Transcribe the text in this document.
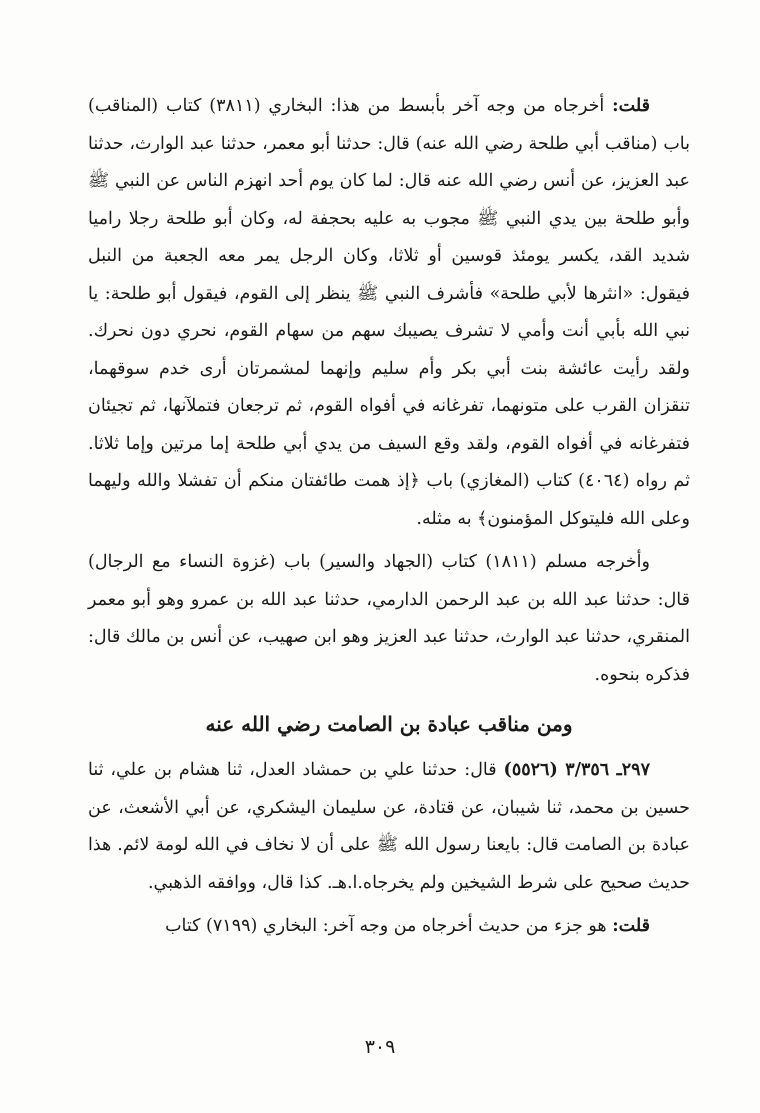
قلت: أخرجاه من وجه آخر بأبسط من هذا: البخاري (٣٨١١) كتاب (المناقب) باب (مناقب أبي طلحة رضي الله عنه) قال: حدثنا أبو معمر، حدثنا عبد الوارث، حدثنا عبد العزيز، عن أنس رضي الله عنه قال: لما كان يوم أحد انهزم الناس عن النبي ﷺ وأبو طلحة بين يدي النبي ﷺ مجوب به عليه بحجفة له، وكان أبو طلحة رجلا راميا شديد القد، يكسر يومئذ قوسين أو ثلاثا، وكان الرجل يمر معه الجعبة من النبل فيقول: «انثرها لأبي طلحة» فأشرف النبي ﷺ ينظر إلى القوم، فيقول أبو طلحة: يا نبي الله بأبي أنت وأمي لا تشرف يصيبك سهم من سهام القوم، نحري دون نحرك. ولقد رأيت عائشة بنت أبي بكر وأم سليم وإنهما لمشمرتان أرى خدم سوقهما، تنقزان القرب على متونهما، تفرغانه في أفواه القوم، ثم ترجعان فتملآنها، ثم تجيئان فتفرغانه في أفواه القوم، ولقد وقع السيف من يدي أبي طلحة إما مرتين وإما ثلاثا. ثم رواه (٤٠٦٤) كتاب (المغازي) باب ﴿إذ همت طائفتان منكم أن تفشلا والله وليهما وعلى الله فليتوكل المؤمنون﴾ به مثله.

وأخرجه مسلم (١٨١١) كتاب (الجهاد والسير) باب (غزوة النساء مع الرجال) قال: حدثنا عبد الله بن عبد الرحمن الدارمي، حدثنا عبد الله بن عمرو وهو أبو معمر المنقري، حدثنا عبد الوارث، حدثنا عبد العزيز وهو ابن صهيب، عن أنس بن مالك قال: فذكره بنحوه.

ومن مناقب عبادة بن الصامت رضي الله عنه

٢٩٧ـ ٣/٣٥٦ (٥٥٢٦) قال: حدثنا علي بن حمشاد العدل، ثنا هشام بن علي، ثنا حسين بن محمد، ثنا شيبان، عن قتادة، عن سليمان اليشكري، عن أبي الأشعث، عن عبادة بن الصامت قال: بايعنا رسول الله ﷺ على أن لا نخاف في الله لومة لائم. هذا حديث صحيح على شرط الشيخين ولم يخرجاه.ا.هـ. كذا قال، ووافقه الذهبي.

قلت: هو جزء من حديث أخرجاه من وجه آخر: البخاري (٧١٩٩) كتاب

٣٠٩
